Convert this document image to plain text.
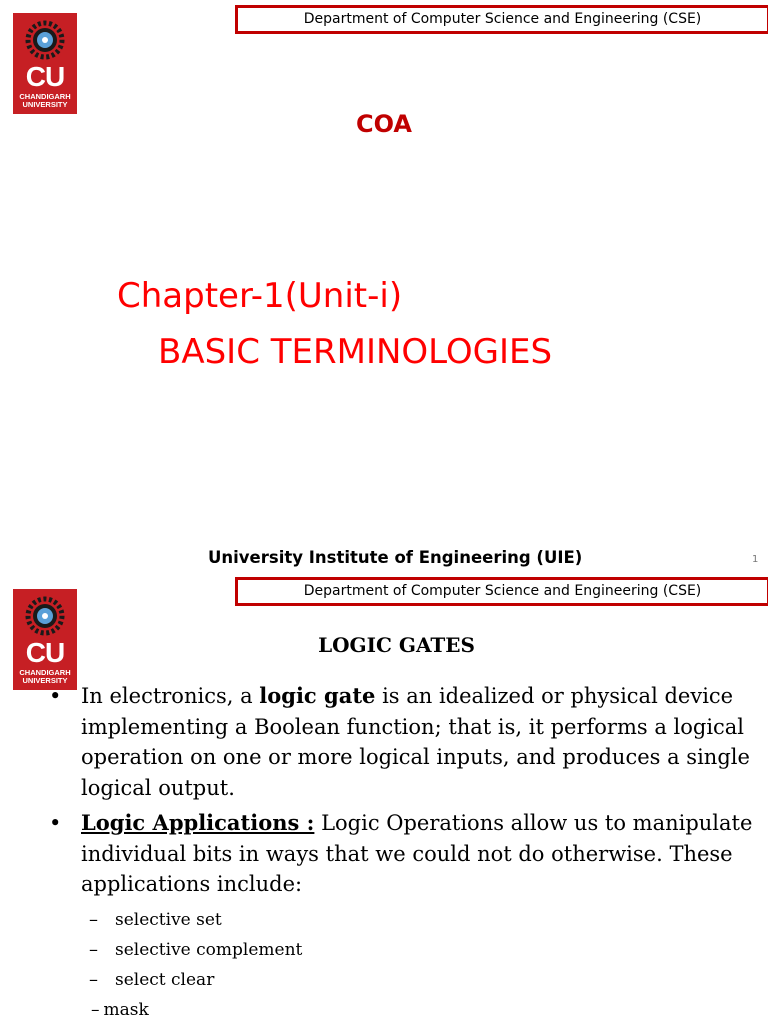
CU
CHANDIGARH
UNIVERSITY
Department of Computer Science and Engineering (CSE)
COA
Chapter-1(Unit-i)
BASIC TERMINOLOGIES
University Institute of Engineering (UIE)	1
Department of Computer Science and Engineering (CSE)
CU
CHANDIGARH
UNIVERSITY
LOGIC GATES
• In electronics, a logic gate is an idealized or physical device implementing a Boolean function; that is, it performs a logical operation on one or more logical inputs, and produces a single logical output.
• Logic Applications : Logic Operations allow us to manipulate individual bits in ways that we could not do otherwise. These applications include:
– selective set
– selective complement
– select clear
– mask
